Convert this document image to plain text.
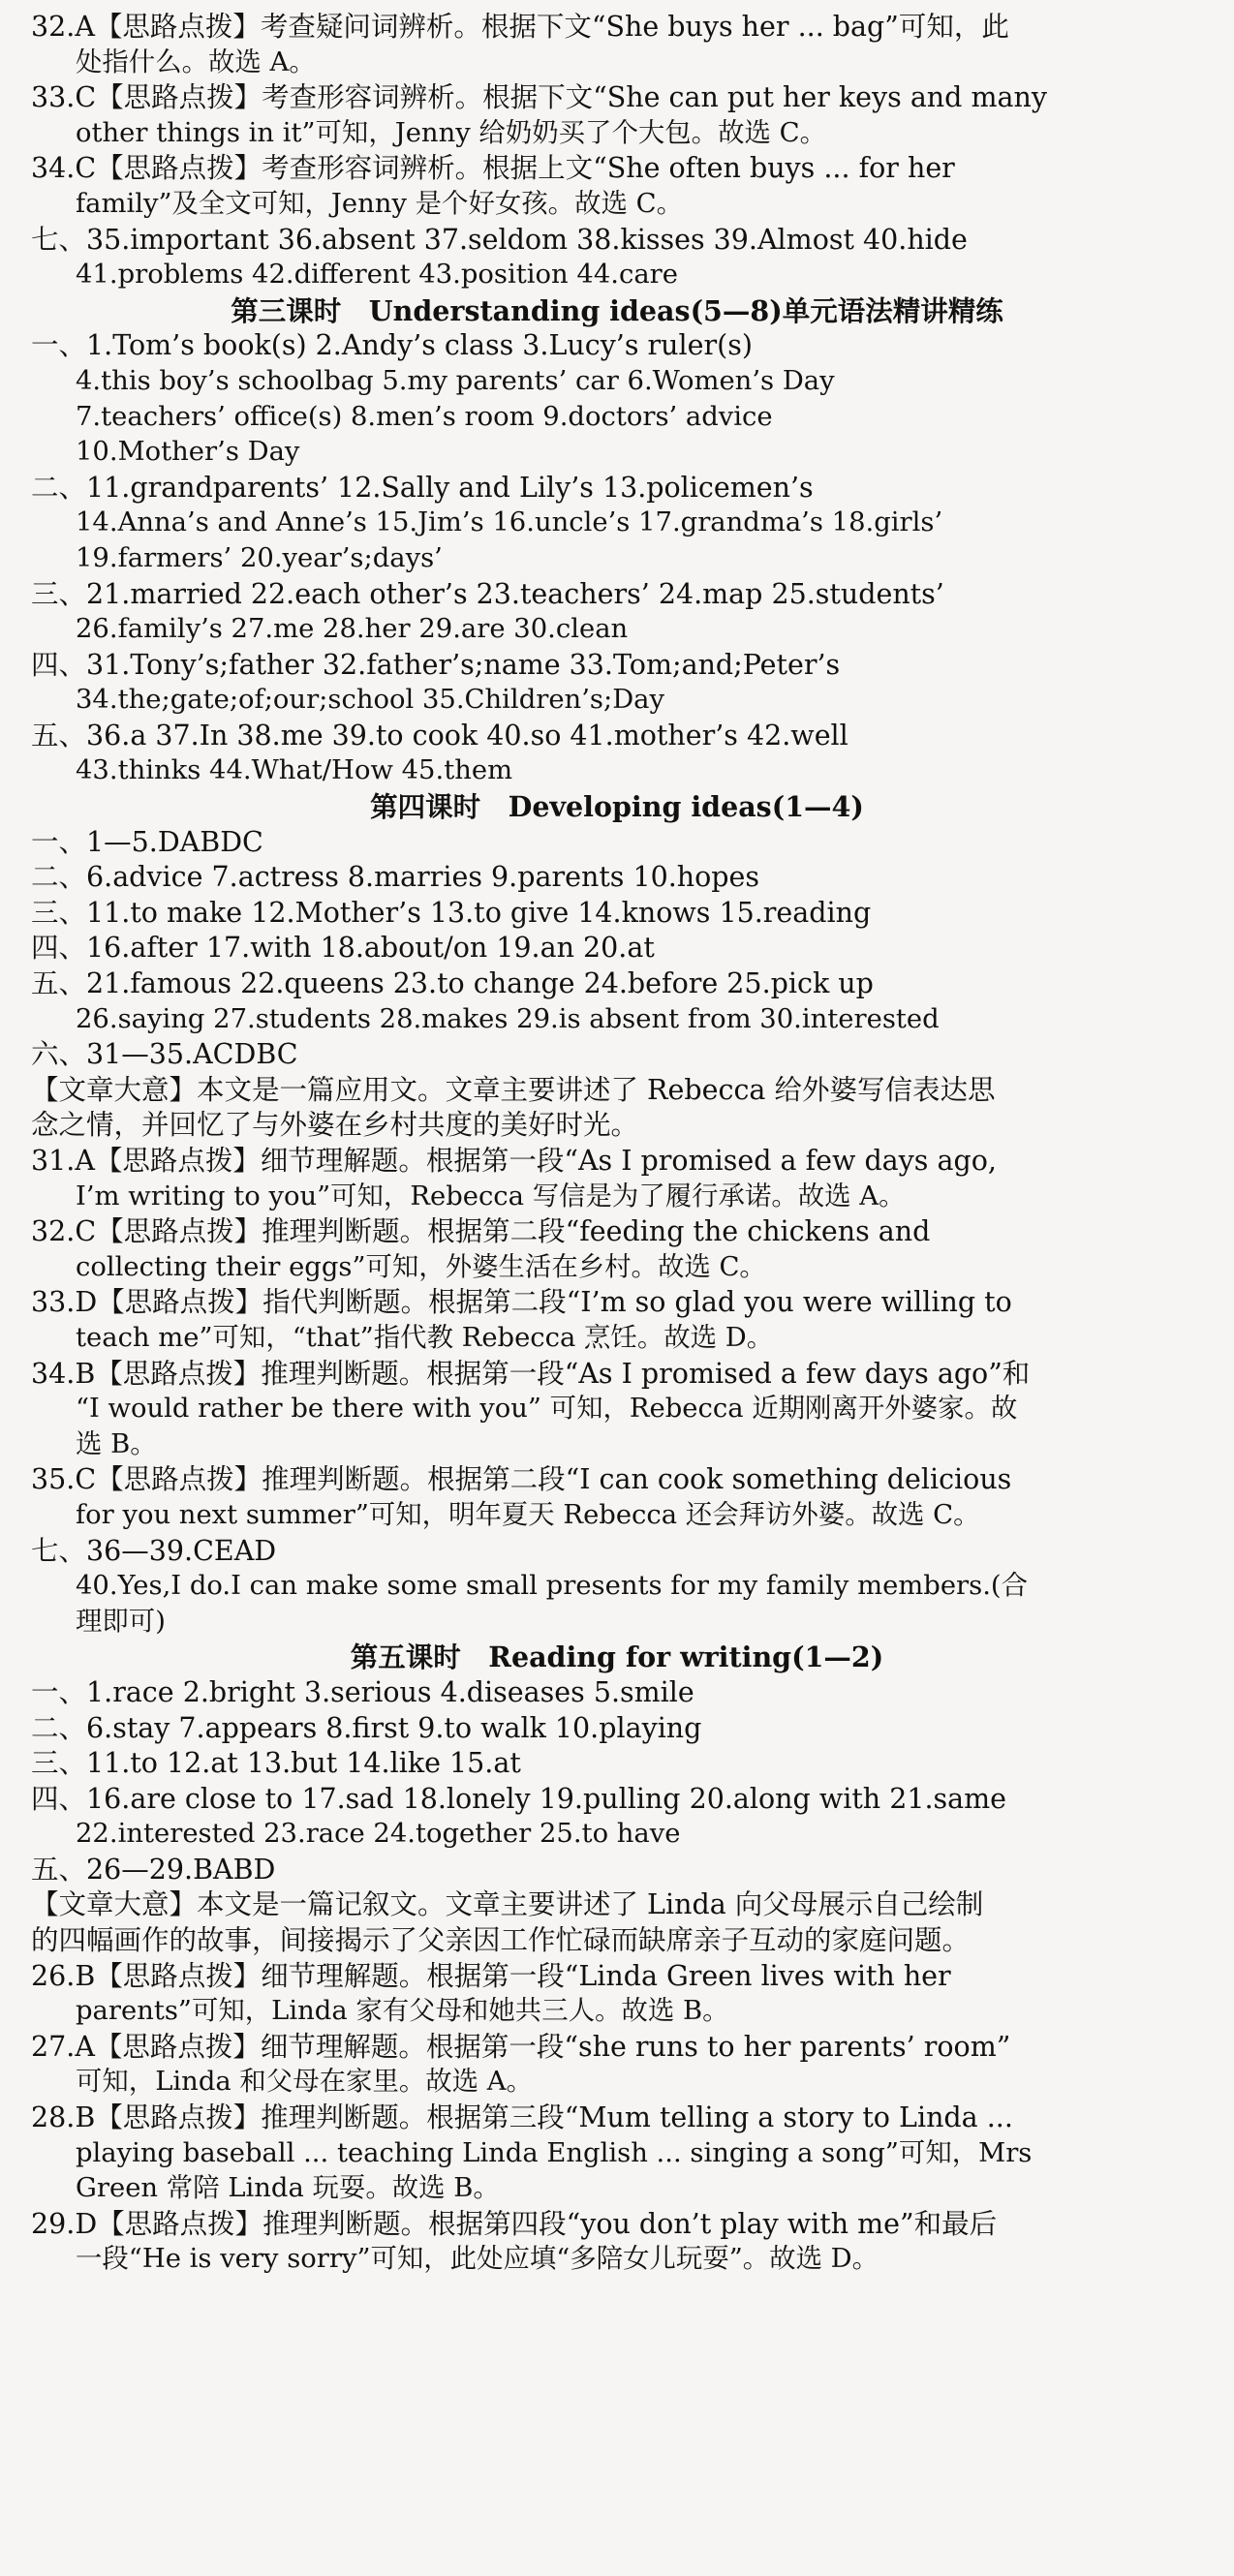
32.A【思路点拨】考查疑问词辨析。根据下文“She buys her ... bag”可知，此
处指什么。故选 A。
33.C【思路点拨】考查形容词辨析。根据下文“She can put her keys and many
other things in it”可知，Jenny 给奶奶买了个大包。故选 C。
34.C【思路点拨】考查形容词辨析。根据上文“She often buys ... for her
family”及全文可知，Jenny 是个好女孩。故选 C。
七、35.important 36.absent 37.seldom 38.kisses 39.Almost 40.hide
41.problems 42.different 43.position 44.care
第三课时　Understanding ideas(5—8)单元语法精讲精练
一、1.Tom’s book(s) 2.Andy’s class 3.Lucy’s ruler(s)
4.this boy’s schoolbag 5.my parents’ car 6.Women’s Day
7.teachers’ office(s) 8.men’s room 9.doctors’ advice
10.Mother’s Day
二、11.grandparents’ 12.Sally and Lily’s 13.policemen’s
14.Anna’s and Anne’s 15.Jim’s 16.uncle’s 17.grandma’s 18.girls’
19.farmers’ 20.year’s;days’
三、21.married 22.each other’s 23.teachers’ 24.map 25.students’
26.family’s 27.me 28.her 29.are 30.clean
四、31.Tony’s;father 32.father’s;name 33.Tom;and;Peter’s
34.the;gate;of;our;school 35.Children’s;Day
五、36.a 37.In 38.me 39.to cook 40.so 41.mother’s 42.well
43.thinks 44.What/How 45.them
第四课时　Developing ideas(1—4)
一、1—5.DABDC
二、6.advice 7.actress 8.marries 9.parents 10.hopes
三、11.to make 12.Mother’s 13.to give 14.knows 15.reading
四、16.after 17.with 18.about/on 19.an 20.at
五、21.famous 22.queens 23.to change 24.before 25.pick up
26.saying 27.students 28.makes 29.is absent from 30.interested
六、31—35.ACDBC
【文章大意】本文是一篇应用文。文章主要讲述了 Rebecca 给外婆写信表达思
念之情，并回忆了与外婆在乡村共度的美好时光。
31.A【思路点拨】细节理解题。根据第一段“As I promised a few days ago,
I’m writing to you”可知，Rebecca 写信是为了履行承诺。故选 A。
32.C【思路点拨】推理判断题。根据第二段“feeding the chickens and
collecting their eggs”可知，外婆生活在乡村。故选 C。
33.D【思路点拨】指代判断题。根据第二段“I’m so glad you were willing to
teach me”可知，“that”指代教 Rebecca 烹饪。故选 D。
34.B【思路点拨】推理判断题。根据第一段“As I promised a few days ago”和
“I would rather be there with you” 可知，Rebecca 近期刚离开外婆家。故
选 B。
35.C【思路点拨】推理判断题。根据第二段“I can cook something delicious
for you next summer”可知，明年夏天 Rebecca 还会拜访外婆。故选 C。
七、36—39.CEAD
40.Yes,I do.I can make some small presents for my family members.(合
理即可)
第五课时　Reading for writing(1—2)
一、1.race 2.bright 3.serious 4.diseases 5.smile
二、6.stay 7.appears 8.first 9.to walk 10.playing
三、11.to 12.at 13.but 14.like 15.at
四、16.are close to 17.sad 18.lonely 19.pulling 20.along with 21.same
22.interested 23.race 24.together 25.to have
五、26—29.BABD
【文章大意】本文是一篇记叙文。文章主要讲述了 Linda 向父母展示自己绘制
的四幅画作的故事，间接揭示了父亲因工作忙碌而缺席亲子互动的家庭问题。
26.B【思路点拨】细节理解题。根据第一段“Linda Green lives with her
parents”可知，Linda 家有父母和她共三人。故选 B。
27.A【思路点拨】细节理解题。根据第一段“she runs to her parents’ room”
可知，Linda 和父母在家里。故选 A。
28.B【思路点拨】推理判断题。根据第三段“Mum telling a story to Linda ...
playing baseball ... teaching Linda English ... singing a song”可知，Mrs
Green 常陪 Linda 玩耍。故选 B。
29.D【思路点拨】推理判断题。根据第四段“you don’t play with me”和最后
一段“He is very sorry”可知，此处应填“多陪女儿玩耍”。故选 D。
